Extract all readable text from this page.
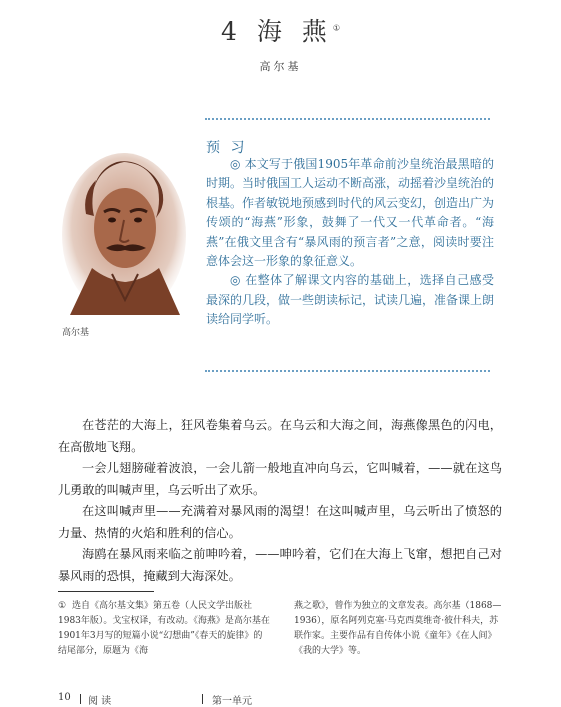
4 海 燕①
高尔基
预 习

◎ 本文写于俄国1905年革命前沙皇统治最黑暗的时期。当时俄国工人运动不断高涨，动摇着沙皇统治的根基。作者敏锐地预感到时代的风云变幻，创造出广为传颂的“海燕”形象，鼓舞了一代又一代革命者。“海燕”在俄文里含有“暴风雨的预言者”之意，阅读时要注意体会这一形象的象征意义。

◎ 在整体了解课文内容的基础上，选择自己感受最深的几段，做一些朗读标记，试读几遍，准备课上朗读给同学听。

高尔基

在苍茫的大海上，狂风卷集着乌云。在乌云和大海之间，海燕像黑色的闪电，在高傲地飞翔。

一会儿翅膀碰着波浪，一会儿箭一般地直冲向乌云，它叫喊着，——就在这鸟儿勇敢的叫喊声里，乌云听出了欢乐。

在这叫喊声里——充满着对暴风雨的渴望！在这叫喊声里，乌云听出了愤怒的力量、热情的火焰和胜利的信心。

海鸥在暴风雨来临之前呻吟着，——呻吟着，它们在大海上飞窜，想把自己对暴风雨的恐惧，掩藏到大海深处。

① 选自《高尔基文集》第五卷（人民文学出版社1983年版）。戈宝权译，有改动。《海燕》是高尔基在1901年3月写的短篇小说“幻想曲”《春天的旋律》的结尾部分，原题为《海
燕之歌》，曾作为独立的文章发表。高尔基（1868—1936），原名阿列克塞·马克西莫维奇·彼什科夫，苏联作家。主要作品有自传体小说《童年》《在人间》《我的大学》等。
10 阅 读	第一单元
